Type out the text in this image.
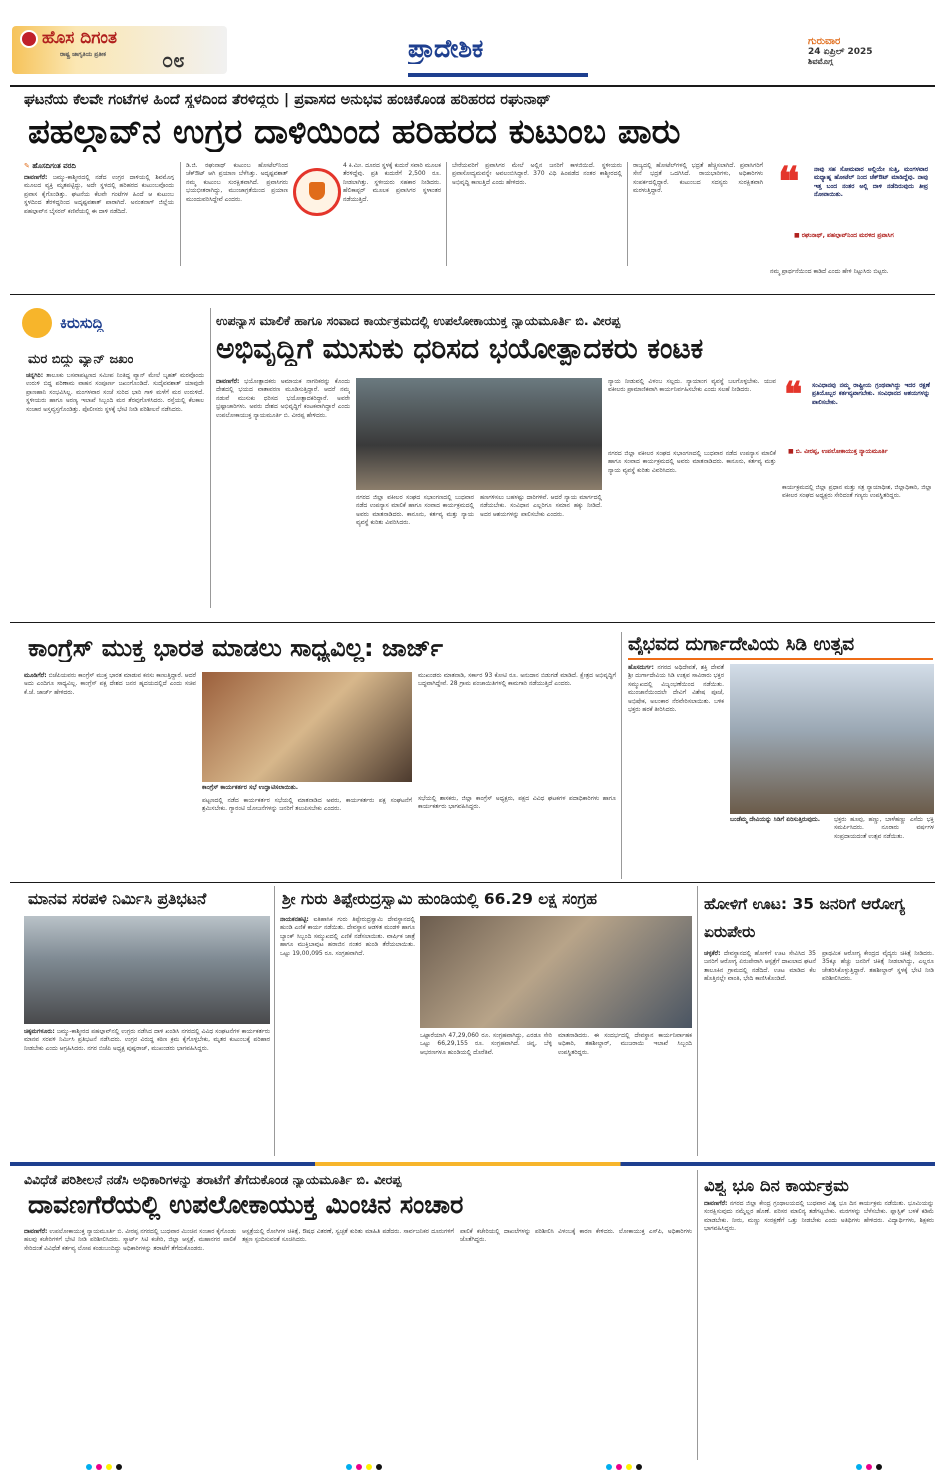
ಹೊಸ ದಿಗಂತ
ರಾಷ್ಟ್ರ ಜಾಗೃತಿಯ ಪ್ರತೀಕ	೦೮	ಪ್ರಾದೇಶಿಕ	ಗುರುವಾರ
24 ಏಪ್ರಿಲ್ 2025
ಶಿವಮೊಗ್ಗ
ಘಟನೆಯ ಕೆಲವೇ ಗಂಟೆಗಳ ಹಿಂದೆ ಸ್ಥಳದಿಂದ ತೆರಳಿದ್ದರು | ಪ್ರವಾಸದ ಅನುಭವ ಹಂಚಿಕೊಂಡ ಹರಿಹರದ ರಘುನಾಥ್
ಪಹಲ್ಗಾವ್‌ನ ಉಗ್ರರ ದಾಳಿಯಿಂದ ಹರಿಹರದ ಕುಟುಂಬ ಪಾರು
✎ ಹೊಸದಿಗಂತ ವರದಿ
ದಾವಣಗೆರೆ: ಜಮ್ಮು-ಕಾಶ್ಮೀರದಲ್ಲಿ ನಡೆದ ಉಗ್ರರ ದಾಳಿಯಲ್ಲಿ ಶಿವಮೊಗ್ಗ ಮೂಲದ ವ್ಯಕ್ತಿ ಮೃತಪಟ್ಟಿದ್ದು, ಅದೇ ಸ್ಥಳದಲ್ಲಿ ಹರಿಹರದ ಕುಟುಂಬವೊಂದು ಪ್ರವಾಸ ಕೈಗೊಂಡಿತ್ತು. ಘಟನೆಯ ಕೆಲವೇ ಗಂಟೆಗಳ ಹಿಂದೆ ಆ ಕುಟುಂಬ ಸ್ಥಳದಿಂದ ತೆರಳಿದ್ದರಿಂದ ಅದೃಷ್ಟವಶಾತ್ ಪಾರಾಗಿದೆ. ಅನಂತನಾಗ್ ಜಿಲ್ಲೆಯ ಪಹಲ್ಗಾವ್‌ನ ಬೈಸರನ್ ಕಣಿವೆಯಲ್ಲಿ ಈ ದಾಳಿ ನಡೆದಿದೆ.
ಡಿ.ಜಿ. ರಘುನಾಥ್ ಕುಟುಂಬ ಹೋಟೆಲ್‌ನಿಂದ ಚೆಕ್‌ಔಟ್ ಆಗಿ ಪ್ರಯಾಣ ಬೆಳೆಸಿತ್ತು. ಅದೃಷ್ಟವಶಾತ್ ನಮ್ಮ ಕುಟುಂಬ ಸುರಕ್ಷಿತವಾಗಿದೆ. ಪ್ರವಾಸಿಗರು ಭಯಭೀತರಾಗಿದ್ದು, ಮುಂಜಾಗ್ರತೆಯಿಂದ ಪ್ರಯಾಣ ಮುಂದುವರಿಸಿದ್ದೇವೆ ಎಂದರು.
4 ಕಿ.ಮೀ. ದೂರದ ಸ್ಥಳಕ್ಕೆ ಕುದುರೆ ಸವಾರಿ ಮೂಲಕ ತೆರಳಿದ್ದೆವು. ಪ್ರತಿ ಕುದುರೆಗೆ 2,500 ರೂ. ನೀಡಲಾಗಿತ್ತು. ಸ್ಥಳೀಯರು ಸಹಕಾರ ನೀಡಿದರು. ಹೆಲಿಕಾಪ್ಟರ್ ಮೂಲಕ ಪ್ರವಾಸಿಗರ ಸ್ಥಳಾಂತರ ನಡೆಯುತ್ತಿದೆ.
ಬೇರೆಯವರಿಗೆ ಪ್ರವಾಸಿಗರ ಮೇಲೆ ಅಲ್ಲಿನ ಜನರಿಗೆ ಕಾಳಜಿಯಿದೆ. ಸ್ಥಳೀಯರು ಪ್ರವಾಸೋದ್ಯಮವನ್ನೇ ಅವಲಂಬಿಸಿದ್ದಾರೆ. 370 ವಿಧಿ ಹಿಂಪಡೆದ ನಂತರ ಕಾಶ್ಮೀರದಲ್ಲಿ ಅಭಿವೃದ್ಧಿ ಕಾಣುತ್ತಿದೆ ಎಂದು ಹೇಳಿದರು.
ರಾಜ್ಯದಲ್ಲಿ ಹೋಟೆಲ್‌ಗಳಲ್ಲಿ ಭದ್ರತೆ ಹೆಚ್ಚಿಸಲಾಗಿದೆ. ಪ್ರವಾಸಿಗರಿಗೆ ಸೇನೆ ಭದ್ರತೆ ಒದಗಿಸಿದೆ. ರಾಯಭಾರಿಗಳು, ಅಧಿಕಾರಿಗಳು ಸಂಪರ್ಕದಲ್ಲಿದ್ದಾರೆ. ಕುಟುಂಬದ ಸದಸ್ಯರು ಸುರಕ್ಷಿತವಾಗಿ ಮರಳುತ್ತಿದ್ದಾರೆ.	❝ ನಾವು ಸಹ ಸೋಮವಾರ ಅಲ್ಲಿಯೇ ಸುತ್ತಿ, ಮಂಗಳವಾರ ಮಧ್ಯಾಹ್ನ ಹೋಟೆಲ್ ನಿಂದ ಚೆಕ್‌ಔಟ್ ಮಾಡಿದ್ದೆವು. ನಾವು ಇತ್ತ ಬಂದ ನಂತರ ಅಲ್ಲಿ ದಾಳಿ ನಡೆದಿರುವುದು ತೀವ್ರ ನೋವಾಯಿತು.
■ ರಘುನಾಥ್, ಪಹಲ್ಗಾವ್‌ನಿಂದ ಮರಳಿದ ಪ್ರವಾಸಿಗ
ನಮ್ಮ ಪ್ರಾರ್ಥನೆಯಿಂದ ಕಾಡಿದೆ ಎಂದು ಹೇಳಿ ನಿಟ್ಟುಸಿರು ಬಿಟ್ಟರು.
ಕಿರುಸುದ್ದಿ
ಮರ ಬಿದ್ದು ವ್ಯಾನ್ ಜಖಂ
ಚನ್ನಗಿರಿ: ತಾಲೂಕು ಬಸವಾಪಟ್ಟಣದ ಸಮೀಪ ನಿಂತಿದ್ದ ವ್ಯಾನ್ ಮೇಲೆ ಬೃಹತ್ ಮರವೊಂದು ಉರುಳಿ ಬಿದ್ದ ಪರಿಣಾಮ ವಾಹನ ಸಂಪೂರ್ಣ ಜಖಂಗೊಂಡಿದೆ. ಸುದೈವವಶಾತ್ ಯಾವುದೇ ಪ್ರಾಣಹಾನಿ ಸಂಭವಿಸಿಲ್ಲ. ಮಂಗಳವಾರ ಸಂಜೆ ಸುರಿದ ಭಾರಿ ಗಾಳಿ ಮಳೆಗೆ ಮರ ಉರುಳಿದೆ. ಸ್ಥಳೀಯರು ಹಾಗೂ ಅರಣ್ಯ ಇಲಾಖೆ ಸಿಬ್ಬಂದಿ ಮರ ತೆರವುಗೊಳಿಸಿದರು. ರಸ್ತೆಯಲ್ಲಿ ಕೆಲಕಾಲ ಸಂಚಾರ ಅಸ್ತವ್ಯಸ್ತಗೊಂಡಿತ್ತು. ಪೊಲೀಸರು ಸ್ಥಳಕ್ಕೆ ಭೇಟಿ ನೀಡಿ ಪರಿಶೀಲನೆ ನಡೆಸಿದರು.
ಉಪನ್ಯಾಸ ಮಾಲಿಕೆ ಹಾಗೂ ಸಂವಾದ ಕಾರ್ಯಕ್ರಮದಲ್ಲಿ ಉಪಲೋಕಾಯುಕ್ತ ನ್ಯಾಯಮೂರ್ತಿ ಬಿ. ವೀರಪ್ಪ
ಅಭಿವೃದ್ಧಿಗೆ ಮುಸುಕು ಧರಿಸದ ಭಯೋತ್ಪಾದಕರು ಕಂಟಕ
ದಾವಣಗೆರೆ: ಭಯೋತ್ಪಾದಕರು ಅಮಾಯಕ ನಾಗರಿಕರನ್ನು ಕೊಂದು ದೇಶದಲ್ಲಿ ಭಯದ ವಾತಾವರಣ ಮೂಡಿಸುತ್ತಿದ್ದಾರೆ. ಆದರೆ ನಮ್ಮ ನಡುವೆ ಮುಸುಕು ಧರಿಸದ ಭಯೋತ್ಪಾದಕರಿದ್ದಾರೆ. ಅವರೇ ಭ್ರಷ್ಟಾಚಾರಿಗಳು. ಅವರು ದೇಶದ ಅಭಿವೃದ್ಧಿಗೆ ಕಂಟಕವಾಗಿದ್ದಾರೆ ಎಂದು ಉಪಲೋಕಾಯುಕ್ತ ನ್ಯಾಯಮೂರ್ತಿ ಬಿ. ವೀರಪ್ಪ ಹೇಳಿದರು.
ನಗರದ ಜಿಲ್ಲಾ ವಕೀಲರ ಸಂಘದ ಸಭಾಂಗಣದಲ್ಲಿ ಬುಧವಾರ ನಡೆದ ಉಪನ್ಯಾಸ ಮಾಲಿಕೆ ಹಾಗೂ ಸಂವಾದ ಕಾರ್ಯಕ್ರಮದಲ್ಲಿ ಅವರು ಮಾತನಾಡಿದರು. ಕಾನೂನು, ಕರ್ತವ್ಯ ಮತ್ತು ನ್ಯಾಯ ವ್ಯವಸ್ಥೆ ಕುರಿತು ವಿವರಿಸಿದರು.
ಹಣಗಳಿಸಲು ಬಹಳಷ್ಟು ದಾರಿಗಳಿವೆ. ಆದರೆ ನ್ಯಾಯ ಮಾರ್ಗದಲ್ಲಿ ನಡೆಯಬೇಕು. ಸಂವಿಧಾನ ಎಲ್ಲರಿಗೂ ಸಮಾನ ಹಕ್ಕು ನೀಡಿದೆ. ಅದರ ಆಶಯಗಳನ್ನು ಪಾಲಿಸಬೇಕು ಎಂದರು.
ನ್ಯಾಯ ನೀಡುವಲ್ಲಿ ವಿಳಂಬ ಸಲ್ಲದು. ನ್ಯಾಯಾಂಗ ವ್ಯವಸ್ಥೆ ಬಲಗೊಳ್ಳಬೇಕು. ಯುವ ವಕೀಲರು ಪ್ರಾಮಾಣಿಕವಾಗಿ ಕಾರ್ಯನಿರ್ವಹಿಸಬೇಕು ಎಂದು ಸಲಹೆ ನೀಡಿದರು.
ನಗರದ ಜಿಲ್ಲಾ ವಕೀಲರ ಸಂಘದ ಸಭಾಂಗಣದಲ್ಲಿ ಬುಧವಾರ ನಡೆದ ಉಪನ್ಯಾಸ ಮಾಲಿಕೆ ಹಾಗೂ ಸಂವಾದ ಕಾರ್ಯಕ್ರಮದಲ್ಲಿ ಅವರು ಮಾತನಾಡಿದರು. ಕಾನೂನು, ಕರ್ತವ್ಯ ಮತ್ತು ನ್ಯಾಯ ವ್ಯವಸ್ಥೆ ಕುರಿತು ವಿವರಿಸಿದರು.
❝ ಸಂವಿಧಾನವು ನಮ್ಮ ರಾಷ್ಟ್ರೀಯ ಗ್ರಂಥವಾಗಿದ್ದು ಇದರ ರಕ್ಷಣೆ ಪ್ರತಿಯೊಬ್ಬರ ಕರ್ತವ್ಯವಾಗಬೇಕು. ಸಂವಿಧಾನದ ಆಶಯಗಳನ್ನು ಪಾಲಿಸಬೇಕು.
■ ಬಿ. ವೀರಪ್ಪ, ಉಪಲೋಕಾಯುಕ್ತ ನ್ಯಾಯಮೂರ್ತಿ
ಕಾರ್ಯಕ್ರಮದಲ್ಲಿ ಜಿಲ್ಲಾ ಪ್ರಧಾನ ಮತ್ತು ಸತ್ರ ನ್ಯಾಯಾಧೀಶ, ಜಿಲ್ಲಾಧಿಕಾರಿ, ಜಿಲ್ಲಾ ವಕೀಲರ ಸಂಘದ ಅಧ್ಯಕ್ಷರು ಸೇರಿದಂತೆ ಗಣ್ಯರು ಉಪಸ್ಥಿತರಿದ್ದರು.
ಕಾಂಗ್ರೆಸ್ ಮುಕ್ತ ಭಾರತ ಮಾಡಲು ಸಾಧ್ಯವಿಲ್ಲ: ಜಾರ್ಜ್
ಮೂಡಿಗೆರೆ: ಬಿಜೆಪಿಯವರು ಕಾಂಗ್ರೆಸ್ ಮುಕ್ತ ಭಾರತ ಮಾಡುವ ಕನಸು ಕಾಣುತ್ತಿದ್ದಾರೆ. ಆದರೆ ಅದು ಎಂದಿಗೂ ಸಾಧ್ಯವಿಲ್ಲ. ಕಾಂಗ್ರೆಸ್ ಪಕ್ಷ ದೇಶದ ಜನರ ಹೃದಯದಲ್ಲಿದೆ ಎಂದು ಸಚಿವ ಕೆ.ಜೆ. ಜಾರ್ಜ್ ಹೇಳಿದರು.
ಕಾಂಗ್ರೆಸ್ ಕಾರ್ಯಕರ್ತರ ಸಭೆ ಉದ್ಘಾಟಿಸಲಾಯಿತು.
ಪಟ್ಟಣದಲ್ಲಿ ನಡೆದ ಕಾರ್ಯಕರ್ತರ ಸಭೆಯಲ್ಲಿ ಮಾತನಾಡಿದ ಅವರು, ಕಾರ್ಯಕರ್ತರು ಪಕ್ಷ ಸಂಘಟನೆಗೆ ಶ್ರಮಿಸಬೇಕು. ಗ್ಯಾರಂಟಿ ಯೋಜನೆಗಳನ್ನು ಜನರಿಗೆ ತಲುಪಿಸಬೇಕು ಎಂದರು.
ಮುಖಂಡರು ಮಾತನಾಡಿ, ಸರ್ಕಾರ 93 ಕೋಟಿ ರೂ. ಅನುದಾನ ಬಿಡುಗಡೆ ಮಾಡಿದೆ. ಕ್ಷೇತ್ರದ ಅಭಿವೃದ್ಧಿಗೆ ಬದ್ಧವಾಗಿದ್ದೇವೆ. 28 ಗ್ರಾಮ ಪಂಚಾಯಿತಿಗಳಲ್ಲಿ ಕಾಮಗಾರಿ ನಡೆಯುತ್ತಿದೆ ಎಂದರು.
ಸಭೆಯಲ್ಲಿ ಶಾಸಕರು, ಜಿಲ್ಲಾ ಕಾಂಗ್ರೆಸ್ ಅಧ್ಯಕ್ಷರು, ಪಕ್ಷದ ವಿವಿಧ ಘಟಕಗಳ ಪದಾಧಿಕಾರಿಗಳು ಹಾಗೂ ಕಾರ್ಯಕರ್ತರು ಭಾಗವಹಿಸಿದ್ದರು.
ವೈಭವದ ದುರ್ಗಾದೇವಿಯ ಸಿಡಿ ಉತ್ಸವ
ಹೊಸದುರ್ಗ: ನಗರದ ಅಧಿದೇವತೆ, ಶಕ್ತಿ ದೇವತೆ ಶ್ರೀ ದುರ್ಗಾದೇವಿಯ ಸಿಡಿ ಉತ್ಸವ ಸಾವಿರಾರು ಭಕ್ತರ ಸಮ್ಮುಖದಲ್ಲಿ ವಿಜೃಂಭಣೆಯಿಂದ ನಡೆಯಿತು. ಮುಂಜಾನೆಯಿಂದಲೇ ದೇವಿಗೆ ವಿಶೇಷ ಪೂಜೆ, ಅಭಿಷೇಕ, ಅಲಂಕಾರ ನೆರವೇರಿಸಲಾಯಿತು. ಬಳಿಕ ಭಕ್ತರು ಹರಕೆ ತೀರಿಸಿದರು.
ಬಂಡೆಮ್ಮ ದೇವಿಯನ್ನು ಸಿಡಿಗೆ ಏರಿಸುತ್ತಿರುವುದು.	ಭಕ್ತರು ಹೂವು, ಹಣ್ಣು, ಬಾಳೆಹಣ್ಣು ಎಸೆದು ಭಕ್ತಿ ಸಮರ್ಪಿಸಿದರು. ನೂರಾರು ವರ್ಷಗಳ ಸಂಪ್ರದಾಯದಂತೆ ಉತ್ಸವ ನಡೆಯಿತು.
ಮಾನವ ಸರಪಳಿ ನಿರ್ಮಿಸಿ ಪ್ರತಿಭಟನೆ
ಚಿಕ್ಕಮಗಳೂರು: ಜಮ್ಮು-ಕಾಶ್ಮೀರದ ಪಹಲ್ಗಾವ್‌ನಲ್ಲಿ ಉಗ್ರರು ನಡೆಸಿದ ದಾಳಿ ಖಂಡಿಸಿ ನಗರದಲ್ಲಿ ವಿವಿಧ ಸಂಘಟನೆಗಳ ಕಾರ್ಯಕರ್ತರು ಮಾನವ ಸರಪಳಿ ನಿರ್ಮಿಸಿ ಪ್ರತಿಭಟನೆ ನಡೆಸಿದರು. ಉಗ್ರರ ವಿರುದ್ಧ ಕಠಿಣ ಕ್ರಮ ಕೈಗೊಳ್ಳಬೇಕು, ಮೃತರ ಕುಟುಂಬಕ್ಕೆ ಪರಿಹಾರ ನೀಡಬೇಕು ಎಂದು ಆಗ್ರಹಿಸಿದರು. ನಗರ ಬಿಜೆಪಿ ಅಧ್ಯಕ್ಷ ಪುಷ್ಪರಾಜ್, ಮುಖಂಡರು ಭಾಗವಹಿಸಿದ್ದರು.
ಶ್ರೀ ಗುರು ತಿಪ್ಪೇರುದ್ರಸ್ವಾಮಿ ಹುಂಡಿಯಲ್ಲಿ 66.29 ಲಕ್ಷ ಸಂಗ್ರಹ
ನಾಯಕನಹಟ್ಟಿ: ಐತಿಹಾಸಿಕ ಗುರು ತಿಪ್ಪೇರುದ್ರಸ್ವಾಮಿ ದೇವಸ್ಥಾನದಲ್ಲಿ ಹುಂಡಿ ಎಣಿಕೆ ಕಾರ್ಯ ನಡೆಯಿತು. ದೇವಸ್ಥಾನ ಆಡಳಿತ ಮಂಡಳಿ ಹಾಗೂ ಬ್ಯಾಂಕ್ ಸಿಬ್ಬಂದಿ ಸಮ್ಮುಖದಲ್ಲಿ ಎಣಿಕೆ ನಡೆಸಲಾಯಿತು. ವಾರ್ಷಿಕ ಜಾತ್ರೆ ಹಾಗೂ ಮುಕ್ತಿಬಾವುಟ ಹರಾಜಿನ ನಂತರ ಹುಂಡಿ ತೆರೆಯಲಾಯಿತು. ಒಟ್ಟು 19,00,095 ರೂ. ಸಂಗ್ರಹವಾಗಿದೆ.
ಒಟ್ಟಾರೆಯಾಗಿ 47,29,060 ರೂ. ಸಂಗ್ರಹವಾಗಿದ್ದು, ಎರಡೂ ಸೇರಿ ಒಟ್ಟು 66,29,155 ರೂ. ಸಂಗ್ರಹವಾಗಿದೆ. ಚಿನ್ನ, ಬೆಳ್ಳಿ ಆಭರಣಗಳೂ ಹುಂಡಿಯಲ್ಲಿ ದೊರೆತಿವೆ.
ಮಾತನಾಡಿದರು. ಈ ಸಂದರ್ಭದಲ್ಲಿ ದೇವಸ್ಥಾನ ಕಾರ್ಯನಿರ್ವಾಹಕ ಅಧಿಕಾರಿ, ತಹಶೀಲ್ದಾರ್, ಮುಜರಾಯಿ ಇಲಾಖೆ ಸಿಬ್ಬಂದಿ ಉಪಸ್ಥಿತರಿದ್ದರು.
ಹೋಳಿಗೆ ಊಟ: 35 ಜನರಿಗೆ ಆರೋಗ್ಯ ಏರುಪೇರು
ಚಳ್ಳಕೆರೆ: ದೇವಸ್ಥಾನದಲ್ಲಿ ಹೋಳಿಗೆ ಊಟ ಸೇವಿಸಿದ 35 ಜನರಿಗೆ ಆರೋಗ್ಯ ಏರುಪೇರಾಗಿ ಆಸ್ಪತ್ರೆಗೆ ದಾಖಲಾದ ಘಟನೆ ತಾಲೂಕಿನ ಗ್ರಾಮದಲ್ಲಿ ನಡೆದಿದೆ. ಊಟ ಮಾಡಿದ ಕೆಲ ಹೊತ್ತಿನಲ್ಲೇ ವಾಂತಿ, ಭೇದಿ ಕಾಣಿಸಿಕೊಂಡಿದೆ.
ಪ್ರಾಥಮಿಕ ಆರೋಗ್ಯ ಕೇಂದ್ರದ ವೈದ್ಯರು ಚಿಕಿತ್ಸೆ ನೀಡಿದರು. 35ಕ್ಕೂ ಹೆಚ್ಚು ಜನರಿಗೆ ಚಿಕಿತ್ಸೆ ನೀಡಲಾಗಿದ್ದು, ಎಲ್ಲರೂ ಚೇತರಿಸಿಕೊಳ್ಳುತ್ತಿದ್ದಾರೆ. ತಹಶೀಲ್ದಾರ್ ಸ್ಥಳಕ್ಕೆ ಭೇಟಿ ನೀಡಿ ಪರಿಶೀಲಿಸಿದರು.
ವಿವಿಧೆಡೆ ಪರಿಶೀಲನೆ ನಡೆಸಿ ಅಧಿಕಾರಿಗಳನ್ನು ತರಾಟೆಗೆ ತೆಗೆದುಕೊಂಡ ನ್ಯಾಯಮೂರ್ತಿ ಬಿ. ವೀರಪ್ಪ
ದಾವಣಗೆರೆಯಲ್ಲಿ ಉಪಲೋಕಾಯುಕ್ತ ಮಿಂಚಿನ ಸಂಚಾರ
ದಾವಣಗೆರೆ: ಉಪಲೋಕಾಯುಕ್ತ ನ್ಯಾಯಮೂರ್ತಿ ಬಿ. ವೀರಪ್ಪ ನಗರದಲ್ಲಿ ಬುಧವಾರ ಮಿಂಚಿನ ಸಂಚಾರ ಕೈಗೊಂಡು ಹಲವು ಕಚೇರಿಗಳಿಗೆ ಭೇಟಿ ನೀಡಿ ಪರಿಶೀಲಿಸಿದರು. ಸ್ಮಾರ್ಟ್ ಸಿಟಿ ಕಚೇರಿ, ಜಿಲ್ಲಾ ಆಸ್ಪತ್ರೆ, ಮಹಾನಗರ ಪಾಲಿಕೆ ಸೇರಿದಂತೆ ವಿವಿಧೆಡೆ ಕರ್ತವ್ಯ ಲೋಪ ಕಂಡುಬಂದಿದ್ದು ಅಧಿಕಾರಿಗಳನ್ನು ತರಾಟೆಗೆ ತೆಗೆದುಕೊಂಡರು.
ಆಸ್ಪತ್ರೆಯಲ್ಲಿ ರೋಗಿಗಳ ಚಿಕಿತ್ಸೆ, ಔಷಧ ವಿತರಣೆ, ಸ್ವಚ್ಛತೆ ಕುರಿತು ಮಾಹಿತಿ ಪಡೆದರು. ಸಾರ್ವಜನಿಕರ ದೂರುಗಳಿಗೆ ತಕ್ಷಣ ಸ್ಪಂದಿಸುವಂತೆ ಸೂಚಿಸಿದರು.
ಪಾಲಿಕೆ ಕಚೇರಿಯಲ್ಲಿ ದಾಖಲೆಗಳನ್ನು ಪರಿಶೀಲಿಸಿ ವಿಳಂಬಕ್ಕೆ ಕಾರಣ ಕೇಳಿದರು. ಲೋಕಾಯುಕ್ತ ಎಸ್‌ಪಿ, ಅಧಿಕಾರಿಗಳು ಜೊತೆಗಿದ್ದರು.
ವಿಶ್ವ ಭೂ ದಿನ ಕಾರ್ಯಕ್ರಮ
ದಾವಣಗೆರೆ: ನಗರದ ಜಿಲ್ಲಾ ಕೇಂದ್ರ ಗ್ರಂಥಾಲಯದಲ್ಲಿ ಬುಧವಾರ ವಿಶ್ವ ಭೂ ದಿನ ಕಾರ್ಯಕ್ರಮ ನಡೆಯಿತು. ಭೂಮಿಯನ್ನು ಸಂರಕ್ಷಿಸುವುದು ನಮ್ಮೆಲ್ಲರ ಹೊಣೆ. ಪರಿಸರ ಮಾಲಿನ್ಯ ತಡೆಗಟ್ಟಬೇಕು. ಮರಗಳನ್ನು ಬೆಳೆಸಬೇಕು. ಪ್ಲಾಸ್ಟಿಕ್ ಬಳಕೆ ಕಡಿಮೆ ಮಾಡಬೇಕು. ನೀರು, ಮಣ್ಣು ಸಂರಕ್ಷಣೆಗೆ ಒತ್ತು ನೀಡಬೇಕು ಎಂದು ಅತಿಥಿಗಳು ಹೇಳಿದರು. ವಿದ್ಯಾರ್ಥಿಗಳು, ಶಿಕ್ಷಕರು ಭಾಗವಹಿಸಿದ್ದರು.
